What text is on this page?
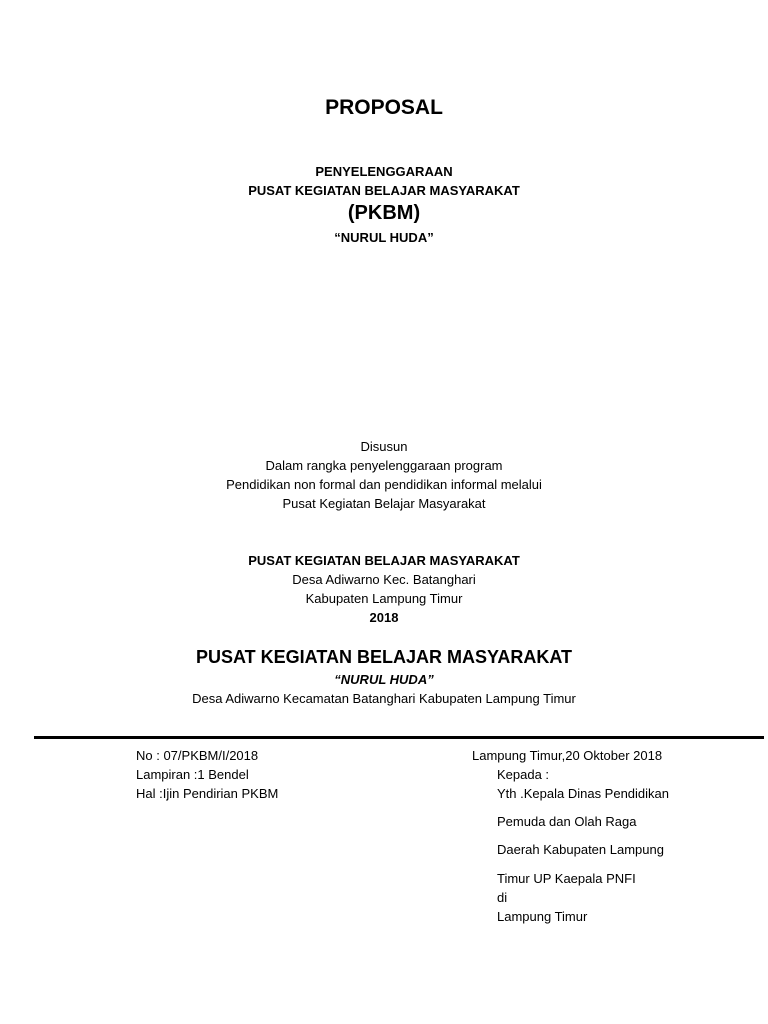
PROPOSAL
PENYELENGGARAAN
PUSAT KEGIATAN BELAJAR MASYARAKAT
(PKBM)
“NURUL HUDA”
Disusun
Dalam rangka penyelenggaraan program
Pendidikan non formal dan pendidikan informal melalui
Pusat Kegiatan Belajar Masyarakat
PUSAT KEGIATAN BELAJAR MASYARAKAT
Desa Adiwarno Kec. Batanghari
Kabupaten Lampung Timur
2018
PUSAT KEGIATAN BELAJAR MASYARAKAT
“NURUL HUDA”
Desa Adiwarno Kecamatan Batanghari Kabupaten Lampung Timur
No : 07/PKBM/I/2018
Lampiran :1 Bendel
Hal :Ijin Pendirian PKBM
Lampung Timur,20 Oktober 2018
Kepada :
Yth .Kepala Dinas Pendidikan
Pemuda dan Olah Raga
Daerah Kabupaten Lampung
Timur UP Kaepala PNFI
di
Lampung Timur
